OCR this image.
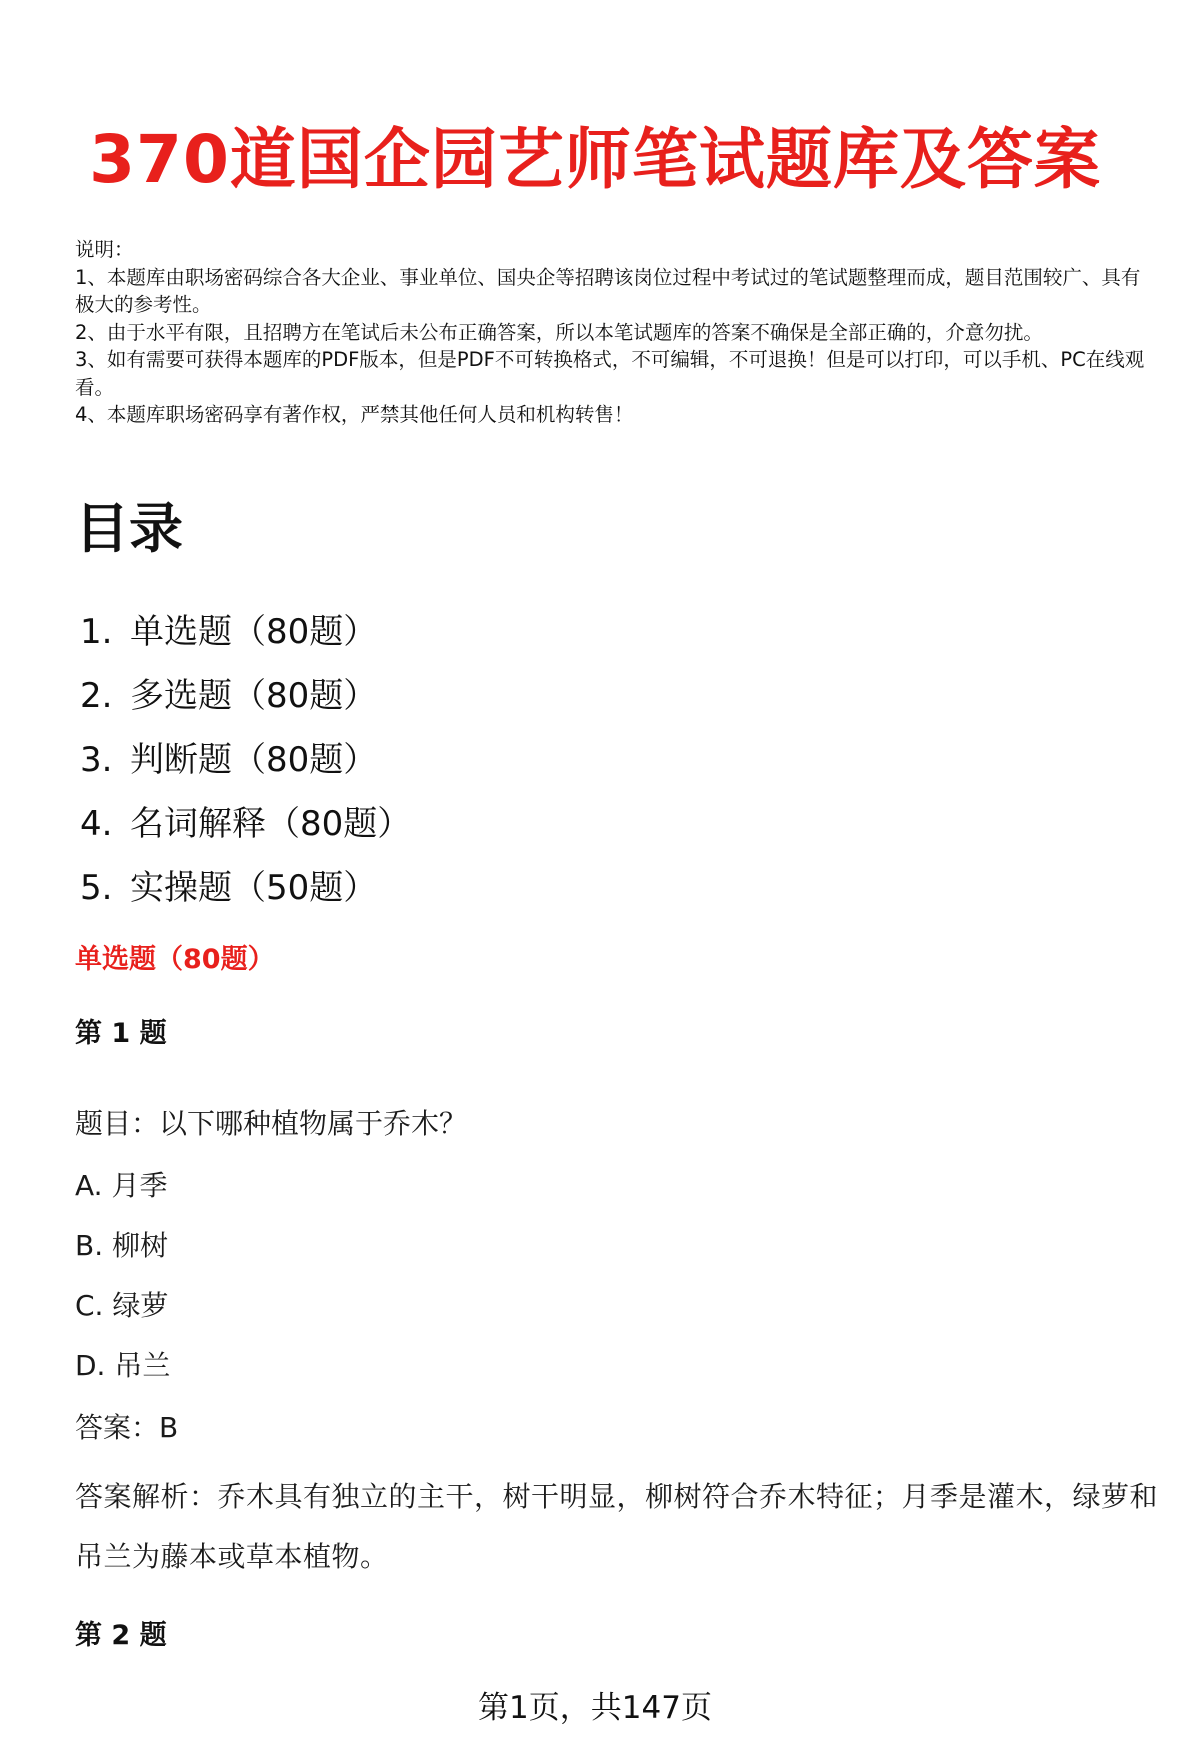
370道国企园艺师笔试题库及答案
说明：
1、本题库由职场密码综合各大企业、事业单位、国央企等招聘该岗位过程中考试过的笔试题整理而成，题目范围较广、具有极大的参考性。
2、由于水平有限，且招聘方在笔试后未公布正确答案，所以本笔试题库的答案不确保是全部正确的，介意勿扰。
3、如有需要可获得本题库的PDF版本，但是PDF不可转换格式，不可编辑，不可退换！但是可以打印，可以手机、PC在线观看。
4、本题库职场密码享有著作权，严禁其他任何人员和机构转售！
目录
1. 单选题（80题）
2. 多选题（80题）
3. 判断题（80题）
4. 名词解释（80题）
5. 实操题（50题）
单选题（80题）
第 1 题
题目：以下哪种植物属于乔木？
A. 月季
B. 柳树
C. 绿萝
D. 吊兰
答案：B
答案解析：乔木具有独立的主干，树干明显，柳树符合乔木特征；月季是灌木，绿萝和吊兰为藤本或草本植物。
第 2 题
第1页，共147页
